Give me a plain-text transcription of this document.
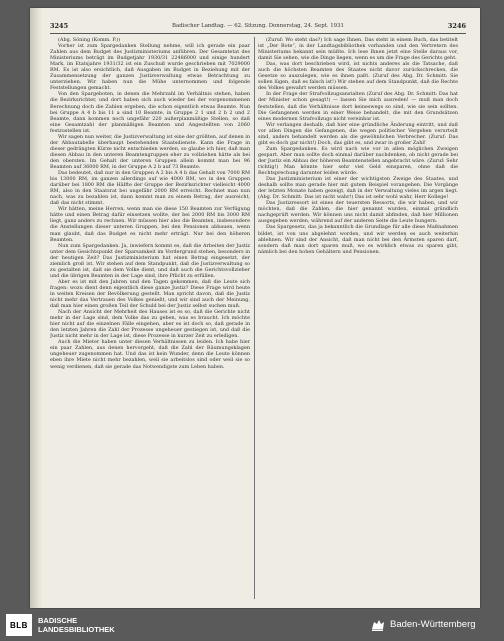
3245	Badischer Landtag. — 62. Sitzung. Donnerstag, 24. Sept. 1931	3246

(Abg. Söning (Komm. P.))

Vorher ist zum Spargedanken Stellung nehme, will ich gerade ein paar Zahlen aus dem Budget des Justizministeriums anführen. Der Gesamtetat des Ministeriums beträgt im Budgetjahr 1930/31 22486000 und einige hundert Mark, im Etatsjahre 1931/32 ist ein Zuschuß wurde geschrieben mit 7029000 RM. Es ist also ersichtlich, daß Ausgaben im Budget in Beziehung mit der Zusammensetzung der ganzen Justizverwaltung etwas Betrachtung zu unterziehen. Wir haben nun die Mühe unternommen und folgende Feststellungen gemacht.

Von den Spargeboten, in denen die Mehrzahl im Verhältnis stehen, haben die Bezirksrichter, und dort haben sich auch wieder bei der vorgenommenen Berechnung doch die Zahlen ergeben, die schon eigentlich etwas Beamte. Nun bei Gruppe A 4 b bis 11 a sind 10 Beamte, in Gruppe 2 1 und 2 b 2 und 2 Beamte, dann kommen noch ungefähr 220 außerplanmäßige Stellen, so daß eine Gesamtzahl der planmäßigen Beamten und Angestellten von 2060 festzustellen ist.

Wir sagen nun weiter, die Justizverwaltung ist eine der größten, auf denen in der Abbautabelle überhaupt bestehenden Staatsdienste. Kann die Frage in dieser gedrängten Kürze nicht entschieden werden, so glaube ich hier, daß man diesen Abbau in den unteren Beamtengruppen eher zu vollziehen hätte als bei den obersten. Im Gehalt der unteren Gruppen allein kommt man bei 96 Beamten auf 36000 RM, in der Gruppe A 2 b auf 73 Beamte.

Das bedeutet, daß nur in den Gruppen A 2 bis A 4 b das Gehalt von 7000 RM bis 13000 RM, im ganzen allerdings auf wie 4000 RM, wo in den Gruppen darüber bei 1800 RM die Hälfte der Gruppe der Bezirksrichter vielleicht 4000 RM, also in den Staatsrat bei ungefähr 2000 RM erreicht. Rechnet man nun nach, was zu bezahlen ist, dann kommt man zu einem Betrag, der ausreicht, daß das nicht stimmt.

Wir hätten, meine Herren, wenn man sie diese 150 Beamten zur Verfügung hätte und einen Betrag dafür einsetzen wollte, der bei 2000 RM bis 3000 RM liegt, ganz anders zu rechnen. Wir müssen hier also die Beamten, insbesondere die Anstellungen dieser unteren Gruppen, bei den Pensionen abbauen, wenn man glaubt, daß das Budget es nicht mehr erträgt. Nur bei den höheren Beamten.

Nun zum Spargedanken. Ja, inwiefern kommt es, daß die Arbeiten der Justiz unter dem Gesichtspunkt der Sparsamkeit im Vordergrund stehen, besonders in der heutigen Zeit? Das Justizministerium hat einen Betrag eingesetzt, der ziemlich groß ist. Wir stehen auf dem Standpunkt, daß die Justizverwaltung so zu gestalten ist, daß sie dem Volke dient, und daß auch die Gerichtsvollzieher und die übrigen Beamten in der Lage sind, ihre Pflicht zu erfüllen.

Aber es ist mit den Jahren und den Tagen gekommen, daß die Leute sich fragen: wozu dient denn eigentlich diese ganze Justiz? Diese Frage wird heute in weiten Kreisen der Bevölkerung gestellt. Man spricht davon, daß die Justiz nicht mehr das Vertrauen des Volkes genießt, und wir sind auch der Meinung, daß man hier einen großen Teil der Schuld bei der Justiz selbst suchen muß.

Nach der Ansicht der Mehrheit des Hauses ist es so, daß die Gerichte nicht mehr in der Lage sind, dem Volke das zu geben, was es braucht. Ich möchte hier nicht auf die einzelnen Fälle eingehen, aber es ist doch so, daß gerade in den letzten Jahren die Zahl der Prozesse ungeheuer gestiegen ist, und daß die Justiz nicht mehr in der Lage ist, diese Prozesse in kurzer Zeit zu erledigen.

Auch die Mieter haben unter diesen Verhältnissen zu leiden. Ich habe hier ein paar Zahlen, aus denen hervorgeht, daß die Zahl der Räumungsklagen ungeheuer zugenommen hat. Und das ist kein Wunder, denn die Leute können eben ihre Miete nicht mehr bezahlen, weil sie arbeitslos sind oder weil sie so wenig verdienen, daß sie gerade das Notwendigste zum Leben haben.

(Zuruf: Wo steht das?) Ich sage Ihnen, Das steht in einem Buch, das betitelt ist „Der Bote“, in der Landtagsbibliothek vorhanden und den Vertretern des Ministeriums bekannt sein müßte. Ich lese Ihnen jetzt eine Stelle daraus vor, damit Sie sehen, wie die Dinge liegen, wenn es um die Frage des Gerichts geht.

Das, was dort beschrieben wird, ist nichts anderes als die Tatsache, daß auch die höchsten Beamten des Staates nicht davor zurückschrecken, die Gesetze so auszulegen, wie es ihnen paßt. (Zuruf des Abg. Dr. Schmitt: Sie sollen lügen, daß es falsch ist!) Wir stehen auf dem Standpunkt, daß die Rechte des Volkes gewahrt werden müssen.

In der Frage der Strafvollzugsanstalten (Zuruf des Abg. Dr. Schmitt: Das hat der Minister schon gesagt!) — lassen Sie mich ausreden! — muß man doch feststellen, daß die Verhältnisse dort keineswegs so sind, wie sie sein sollten. Die Gefangenen werden in einer Weise behandelt, die mit den Grundsätzen eines modernen Strafvollzugs nicht vereinbar ist.

Wir verlangen deshalb, daß hier eine gründliche Änderung eintritt, und daß vor allen Dingen die Gefangenen, die wegen politischer Vergehen verurteilt sind, anders behandelt werden als die gewöhnlichen Verbrecher. (Zuruf: Das gibt es doch gar nicht!) Doch, das gibt es, und zwar in großer Zahl!

Zum Spargedanken. Es wird nach wie vor in allen möglichen Zweigen gespart. Aber man sollte doch einmal darüber nachdenken, ob nicht gerade bei der Justiz ein Abbau der höheren Beamtenstellen angebracht wäre. (Zuruf: Sehr richtig!) Man könnte hier sehr viel Geld einsparen, ohne daß die Rechtsprechung darunter leiden würde.

Das Justizministerium ist einer der wichtigsten Zweige des Staates, und deshalb sollte man gerade hier mit gutem Beispiel vorangehen. Die Vorgänge der letzten Monate haben gezeigt, daß in der Verwaltung vieles im argen liegt. (Abg. Dr. Schmitt: Das ist nicht wahr!) Das ist sehr wohl wahr, Herr Kollege!

Das Justizressort ist eines der teuersten Ressorts, die wir haben, und wir möchten, daß die Zahlen, die hier genannt wurden, einmal gründlich nachgeprüft werden. Wir können uns nicht damit abfinden, daß hier Millionen ausgegeben werden, während auf der anderen Seite die Leute hungern.

Das Spargesetz, das ja bekanntlich die Grundlage für alle diese Maßnahmen bildet, ist von uns abgelehnt worden, und wir werden es auch weiterhin ablehnen. Wir sind der Ansicht, daß man nicht bei den Ärmsten sparen darf, sondern daß man dort sparen muß, wo es wirklich etwas zu sparen gibt, nämlich bei den hohen Gehältern und Pensionen.

BLB	BADISCHE
LANDESBIBLIOTHEK	Baden-Württemberg
